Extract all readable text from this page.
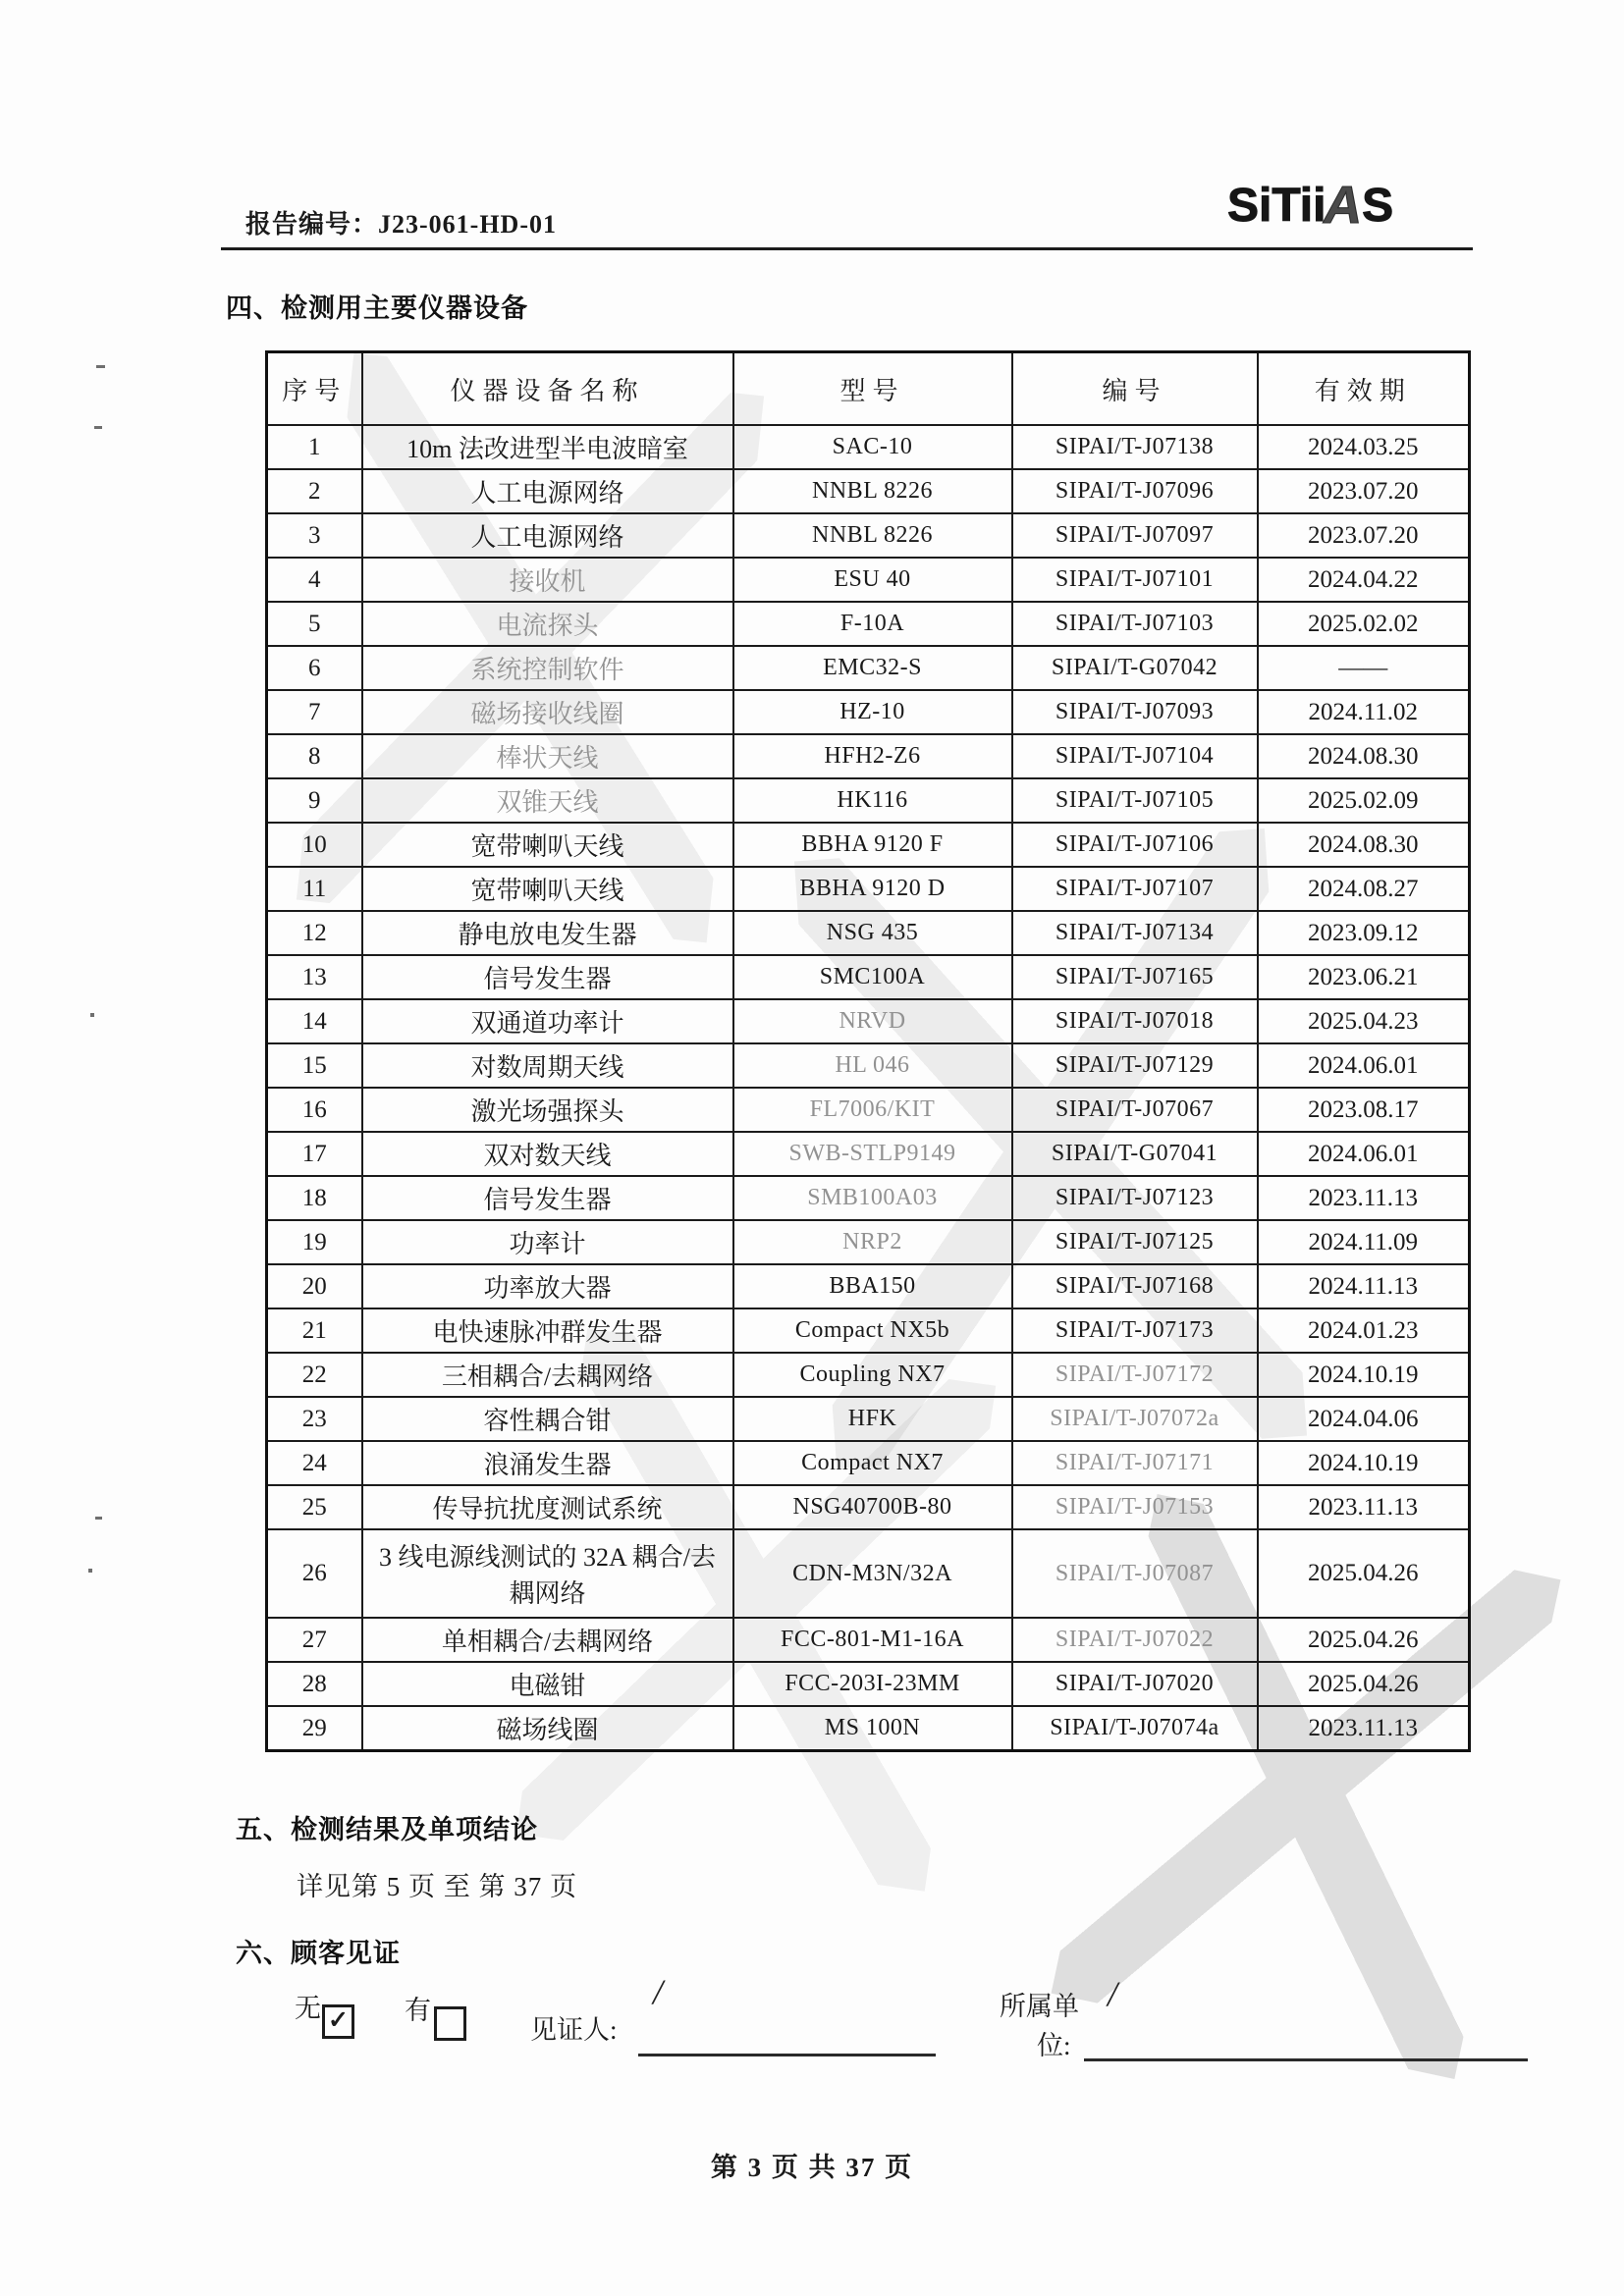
报告编号：J23-061-HD-01	SiTiiAS
四、检测用主要仪器设备
序号	仪器设备名称	型号	编号	有效期
1	10m 法改进型半电波暗室	SAC-10	SIPAI/T-J07138	2024.03.25
2	人工电源网络	NNBL 8226	SIPAI/T-J07096	2023.07.20
3	人工电源网络	NNBL 8226	SIPAI/T-J07097	2023.07.20
4	接收机	ESU 40	SIPAI/T-J07101	2024.04.22
5	电流探头	F-10A	SIPAI/T-J07103	2025.02.02
6	系统控制软件	EMC32-S	SIPAI/T-G07042	——
7	磁场接收线圈	HZ-10	SIPAI/T-J07093	2024.11.02
8	棒状天线	HFH2-Z6	SIPAI/T-J07104	2024.08.30
9	双锥天线	HK116	SIPAI/T-J07105	2025.02.09
10	宽带喇叭天线	BBHA 9120 F	SIPAI/T-J07106	2024.08.30
11	宽带喇叭天线	BBHA 9120 D	SIPAI/T-J07107	2024.08.27
12	静电放电发生器	NSG 435	SIPAI/T-J07134	2023.09.12
13	信号发生器	SMC100A	SIPAI/T-J07165	2023.06.21
14	双通道功率计	NRVD	SIPAI/T-J07018	2025.04.23
15	对数周期天线	HL 046	SIPAI/T-J07129	2024.06.01
16	激光场强探头	FL7006/KIT	SIPAI/T-J07067	2023.08.17
17	双对数天线	SWB-STLP9149	SIPAI/T-G07041	2024.06.01
18	信号发生器	SMB100A03	SIPAI/T-J07123	2023.11.13
19	功率计	NRP2	SIPAI/T-J07125	2024.11.09
20	功率放大器	BBA150	SIPAI/T-J07168	2024.11.13
21	电快速脉冲群发生器	Compact NX5b	SIPAI/T-J07173	2024.01.23
22	三相耦合/去耦网络	Coupling NX7	SIPAI/T-J07172	2024.10.19
23	容性耦合钳	HFK	SIPAI/T-J07072a	2024.04.06
24	浪涌发生器	Compact NX7	SIPAI/T-J07171	2024.10.19
25	传导抗扰度测试系统	NSG40700B-80	SIPAI/T-J07153	2023.11.13
26	3 线电源线测试的 32A 耦合/去耦网络	CDN-M3N/32A	SIPAI/T-J07087	2025.04.26
27	单相耦合/去耦网络	FCC-801-M1-16A	SIPAI/T-J07022	2025.04.26
28	电磁钳	FCC-203I-23MM	SIPAI/T-J07020	2025.04.26
29	磁场线圈	MS 100N	SIPAI/T-J07074a	2023.11.13
五、检测结果及单项结论
详见第 5 页 至 第 37 页
六、顾客见证
无 ✓ 有
见证人:
/	所属单 /
位:
第 3 页 共 37 页
